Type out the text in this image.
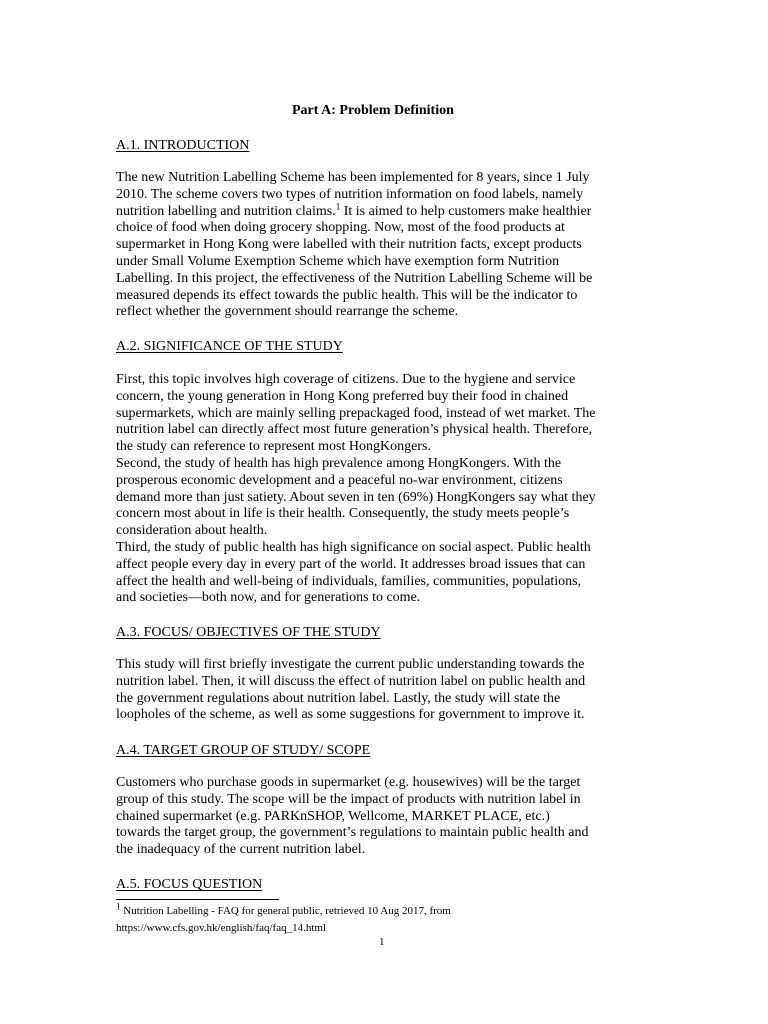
Part A: Problem Definition
A.1. INTRODUCTION
The new Nutrition Labelling Scheme has been implemented for 8 years, since 1 July
2010. The scheme covers two types of nutrition information on food labels, namely
nutrition labelling and nutrition claims.$^1$ It is aimed to help customers make healthier
choice of food when doing grocery shopping. Now, most of the food products at
supermarket in Hong Kong were labelled with their nutrition facts, except products
under Small Volume Exemption Scheme which have exemption form Nutrition
Labelling. In this project, the effectiveness of the Nutrition Labelling Scheme will be
measured depends its effect towards the public health. This will be the indicator to
reflect whether the government should rearrange the scheme.
A.2. SIGNIFICANCE OF THE STUDY
First, this topic involves high coverage of citizens. Due to the hygiene and service
concern, the young generation in Hong Kong preferred buy their food in chained
supermarkets, which are mainly selling prepackaged food, instead of wet market. The
nutrition label can directly affect most future generation’s physical health. Therefore,
the study can reference to represent most HongKongers.
Second, the study of health has high prevalence among HongKongers. With the
prosperous economic development and a peaceful no-war environment, citizens
demand more than just satiety. About seven in ten (69%) HongKongers say what they
concern most about in life is their health. Consequently, the study meets people’s
consideration about health.
Third, the study of public health has high significance on social aspect. Public health
affect people every day in every part of the world. It addresses broad issues that can
affect the health and well-being of individuals, families, communities, populations,
and societies—both now, and for generations to come.
A.3. FOCUS/ OBJECTIVES OF THE STUDY
This study will first briefly investigate the current public understanding towards the
nutrition label. Then, it will discuss the effect of nutrition label on public health and
the government regulations about nutrition label. Lastly, the study will state the
loopholes of the scheme, as well as some suggestions for government to improve it.
A.4. TARGET GROUP OF STUDY/ SCOPE
Customers who purchase goods in supermarket (e.g. housewives) will be the target
group of this study. The scope will be the impact of products with nutrition label in
chained supermarket (e.g. PARKnSHOP, Wellcome, MARKET PLACE, etc.)
towards the target group, the government’s regulations to maintain public health and
the inadequacy of the current nutrition label.
A.5. FOCUS QUESTION
$^1$ Nutrition Labelling - FAQ for general public, retrieved 10 Aug 2017, from
https://www.cfs.gov.hk/english/faq/faq_14.html
1
